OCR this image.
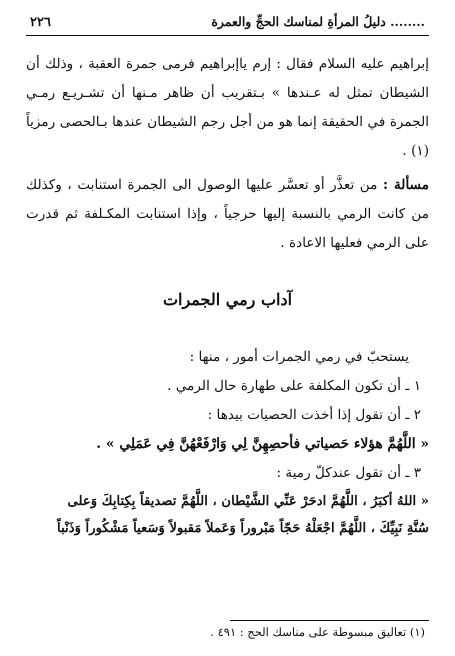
........ دليلُ المرأةِ لمناسك الحجِّ والعمرة
٢٢٦

إبراهيم عليه السلام فقال : إرم ياإبراهيم فرمى جمرة العقبة ، وذلك أن الشيطان تمثل له عـندها » بـتقريب أن ظاهر مـنها أن تشـريـع رمـي الجمرة في الحقيقة إنما هو من أجل رجم الشيطان عندها بـالحصى رمزياً (١) .

مسألة : من تعذَّر أو تعسَّر عليها الوصول الى الجمرة استنابت ، وكذلك من كانت الرمي بالنسبة إليها حرجياً ، وإذا استنابت المكـلفة ثم قدرت على الرمي فعليها الاعادة .

آداب رمي الجمرات

يستحبّ في رمي الجمرات أمور ، منها :

١ ـ أن تكون المكلفة على طهارة حال الرمي .

٢ ـ أن تقول إذا أخذت الحصيات بيدها :

« اللَّهُمَّ هؤلاء حَصياتي فأحصِهِنَّ لِي وَارْفَعْهُنَّ فِي عَمَلِي » .

٣ ـ أن تقول عندكلّ رمية :

« اللهُ أكبَرُ ، اللَّهُمَّ ادحَرْ عَنِّي الشَّيْطان ، اللَّهُمَّ تصديقاً بِكِتابِكَ وَعلى
سُنَّةِ نَبِيِّكَ ، اللَّهُمَّ اجْعَلْهُ حَجّاً مَبْروراً وَعَملاً مَقبولاً وَسَعياً مَشْكُوراً وَذَنْباً
(١) تعاليق مبسوطة على مناسك الحج : ٤٩١ .
